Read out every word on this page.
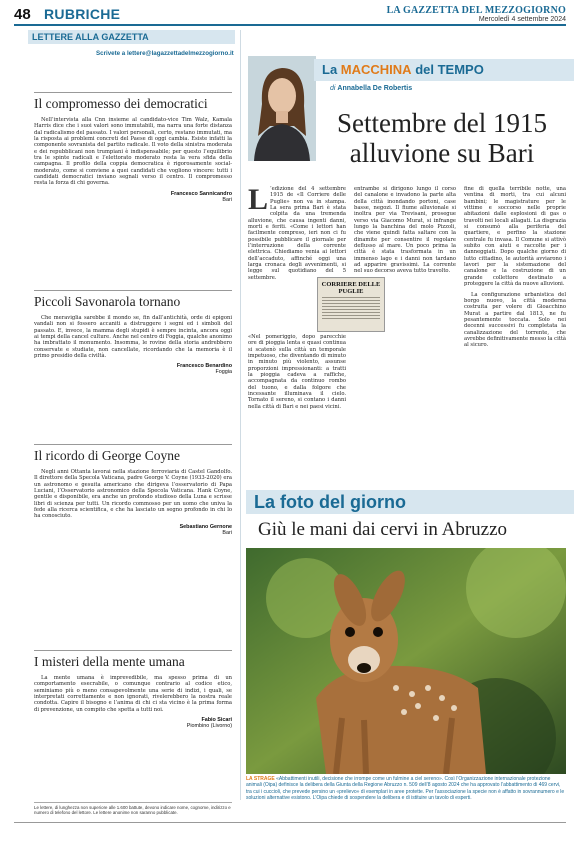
48 RUBRICHE	LA GAZZETTA DEL MEZZOGIORNO
Mercoledì 4 settembre 2024
LETTERE ALLA GAZZETTA
Scrivete a lettere@lagazzettadelmezzogiorno.it
Il compromesso dei democratici
Nell’intervista alla Cnn insieme al candidato-vice Tim Walz, Kamala Harris dice che i suoi valori sono immutabili, ma narra una forte distanza dal radicalismo del passato. I valori personali, certo, restano immutati, ma la risposta ai problemi concreti del Paese di oggi cambia. Esiste infatti la componente sovranista del partito radicale. Il voto della sinistra moderata e dei repubblicani non trumpiani è indispensabile; per questo l’equilibrio tra le spinte radicali e l’elettorato moderato resta la vera sfida della campagna. Il profilo della coppia democratica è rigorosamente social-moderato, come si conviene a quei candidati che vogliono vincere: tutti i candidati democratici inviano segnali verso il centro. Il compromesso resta la forza di chi governa.
Francesco Sannicandro
Bari
Piccoli Savonarola tornano
Che meraviglia sarebbe il mondo se, fin dall’antichità, orde di epigoni vandali non si fossero accaniti a distruggere i segni ed i simboli del passato. E, invece, la mamma degli stupidi è sempre incinta, ancora oggi ai tempi della cancel culture. Anche nel centro di Foggia, qualche anonimo ha imbrattato il monumento. Insomma, le rovine della storia andrebbero conservate e studiate, non cancellate, ricordando che la memoria è il primo presidio della civiltà.
Francesco Benardino
Foggia
Il ricordo di George Coyne
Negli anni Ottanta lavorai nella stazione ferroviaria di Castel Gandolfo. Il direttore della Specola Vaticana, padre George V. Coyne (1933-2020) era un astronomo e gesuita americano che dirigeva l’osservatorio di Papa Luciani, l’Osservatorio astronomico della Specola Vaticana. Hank Coyne, gentile e disponibile, era anche un profondo studioso della Luna e scrisse libri di scienza per tutti. Un ricordo commosso per un uomo che univa la fede alla ricerca scientifica, e che ha lasciato un segno profondo in chi lo ha conosciuto.
Sebastiano Gernone
Bari
I misteri della mente umana
La mente umana è imprevedibile, ma spesso prima di un comportamento esecrabile, o comunque contrario al codice etico, seminiamo più o meno consapevolmente una serie di indizi, i quali, se interpretati correttamente e non ignorati, rivelerebbero la nostra reale condotta. Capire il bisogno e l’anima di chi ci sta vicino è la prima forma di prevenzione, un compito che spetta a tutti noi.
Fabio Sicari
Piombino (Livorno)
Le lettere, di lunghezza non superiore alle 1.600 battute, devono indicare nome, cognome, indirizzo e numero di telefono del lettore. Le lettere anonime non saranno pubblicate.
La MACCHINA del TEMPO
di Annabella De Robertis
Settembre del 1915 alluvione su Bari
L ’edizione del 4 settembre 1915 de «Il Corriere delle Puglie» non va in stampa. La sera prima Bari è stata colpita da una tremenda alluvione, che causa ingenti danni, morti e feriti. «Come i lettori han facilmente compreso, ieri non ci fu possibile pubblicare il giornale per l’interruzione della corrente elettrica. Chiediamo venia ai lettori dell’accaduto, affinché oggi una larga cronaca degli avvenimenti, si legge sul quotidiano del 5 settembre.
«Nel pomeriggio, dopo parecchie ore di pioggia lenta e quasi continua si scatenò sulla città un temporale impetuoso, che diventando di minuto in minuto più violento, assunse proporzioni impressionanti: a tratti la pioggia cadeva a raffiche, accompagnata da continuo rombo del tuono, e dalla folgore che incessante illuminava il cielo. Tornato il sereno, si contano i danni nella città di Bari e nei paesi vicini.
entrambe si dirigono lungo il corso del canalone e invadono la parte alta della città inondando portoni, case basse, negozi. Il fiume alluvionale si inoltra per via Trevisani, prosegue verso via Giacomo Murat, si infrange lungo la banchina del molo Pizzoli, che viene quindi fatta saltare con la dinamite per consentire il regolare deflusso al mare. Un poco prima la città è stata trasformata in un immenso lago e i danni non tardano ad apparire gravissimi. La corrente nel suo decorso aveva tutto travolto.
fine di quella terribile notte, una ventina di morti, tra cui alcuni bambini; le magistrature per le vittime e soccorso nelle proprie abitazioni dalle esplosioni di gas o travolti nei locali allagati. La disgrazia si consumò alla periferia del quartiere, e perfino la stazione centrale fu invasa. Il Comune si attivò subito con aiuti e raccolte per i danneggiati. Dopo qualche giorno di lutto cittadino, le autorità avviarono i lavori per la sistemazione del canalone e la costruzione di un grande collettore destinato a proteggere la città da nuove alluvioni.
La configurazione urbanistica del borgo nuovo, la città moderna costruita per volere di Gioacchino Murat a partire dal 1813, ne fu pesantemente toccata. Solo nei decenni successivi fu completata la canalizzazione del torrente, che avrebbe definitivamente messo la città al sicuro.
CORRIERE DELLE PUGLIE
La foto del giorno
Giù le mani dai cervi in Abruzzo
LA STRAGE «Abbattimenti inutili, decisione che irrompe come un fulmine a ciel sereno». Così l’Organizzazione internazionale protezione animali (Oipa) definisce la delibera della Giunta della Regione Abruzzo n. 509 dell’8 agosto 2024 che ha approvato l’abbattimento di 469 cervi, tra cui i cuccioli, che prevede persino un «prelievo» di esemplari in aree protette. Per l’associazione la specie non è affatto in sovrannumero e le soluzioni alternative esistono. L’Oipa chiede di sospendere la delibera e di istituire un tavolo di esperti.
